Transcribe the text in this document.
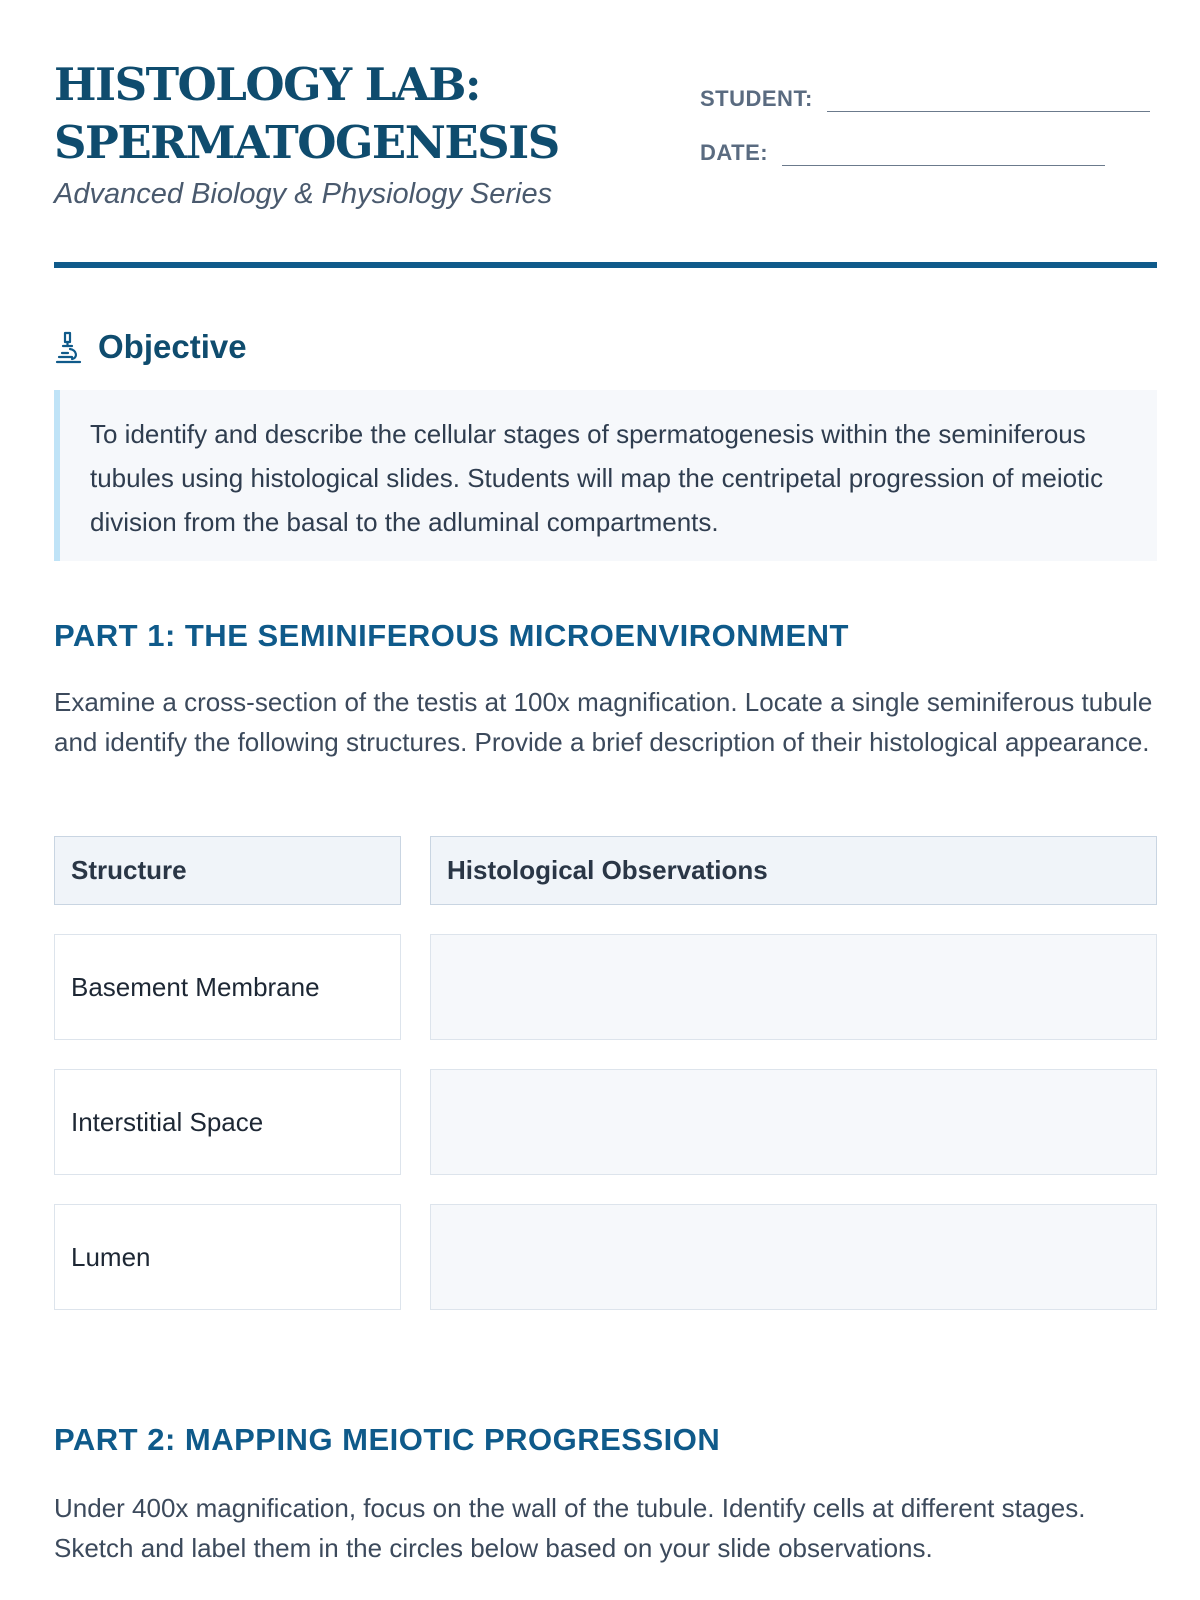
HISTOLOGY LAB:
SPERMATOGENESIS
Advanced Biology & Physiology Series
STUDENT:
DATE:
Objective
To identify and describe the cellular stages of spermatogenesis within the seminiferous tubules using histological slides. Students will map the centripetal progression of meiotic division from the basal to the adluminal compartments.
PART 1: THE SEMINIFEROUS MICROENVIRONMENT
Examine a cross-section of the testis at 100x magnification. Locate a single seminiferous tubule and identify the following structures. Provide a brief description of their histological appearance.
Structure	Histological Observations
Basement Membrane
Interstitial Space
Lumen
PART 2: MAPPING MEIOTIC PROGRESSION
Under 400x magnification, focus on the wall of the tubule. Identify cells at different stages. Sketch and label them in the circles below based on your slide observations.
